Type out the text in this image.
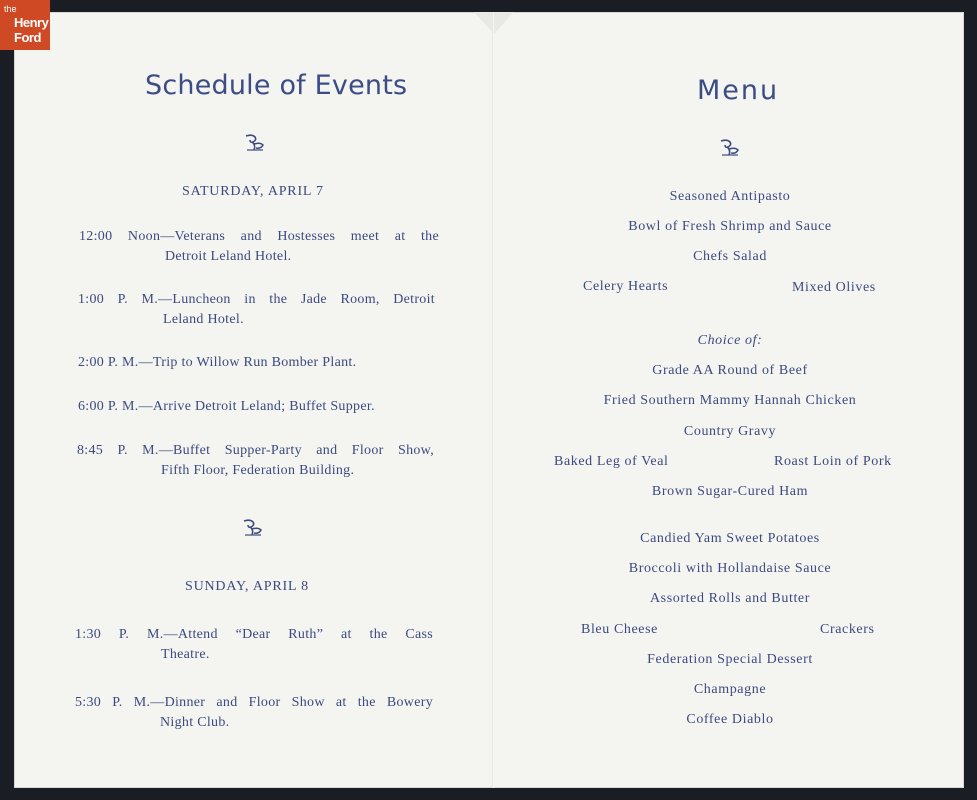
the
Henry
Ford
Schedule of Events
SATURDAY, APRIL 7
12:00 Noon—Veterans and Hostesses meet at the
Detroit Leland Hotel.
1:00 P. M.—Luncheon in the Jade Room, Detroit
Leland Hotel.
2:00 P. M.—Trip to Willow Run Bomber Plant.
6:00 P. M.—Arrive Detroit Leland; Buffet Supper.
8:45 P. M.—Buffet Supper-Party and Floor Show,
Fifth Floor, Federation Building.
SUNDAY, APRIL 8
1:30 P. M.—Attend “Dear Ruth” at the Cass
Theatre.
5:30 P. M.—Dinner and Floor Show at the Bowery
Night Club.
Menu
Seasoned Antipasto
Bowl of Fresh Shrimp and Sauce
Chefs Salad
Celery Hearts	Mixed Olives
Choice of:
Grade AA Round of Beef
Fried Southern Mammy Hannah Chicken
Country Gravy
Baked Leg of Veal	Roast Loin of Pork
Brown Sugar-Cured Ham
Candied Yam Sweet Potatoes
Broccoli with Hollandaise Sauce
Assorted Rolls and Butter
Bleu Cheese	Crackers
Federation Special Dessert
Champagne
Coffee Diablo
